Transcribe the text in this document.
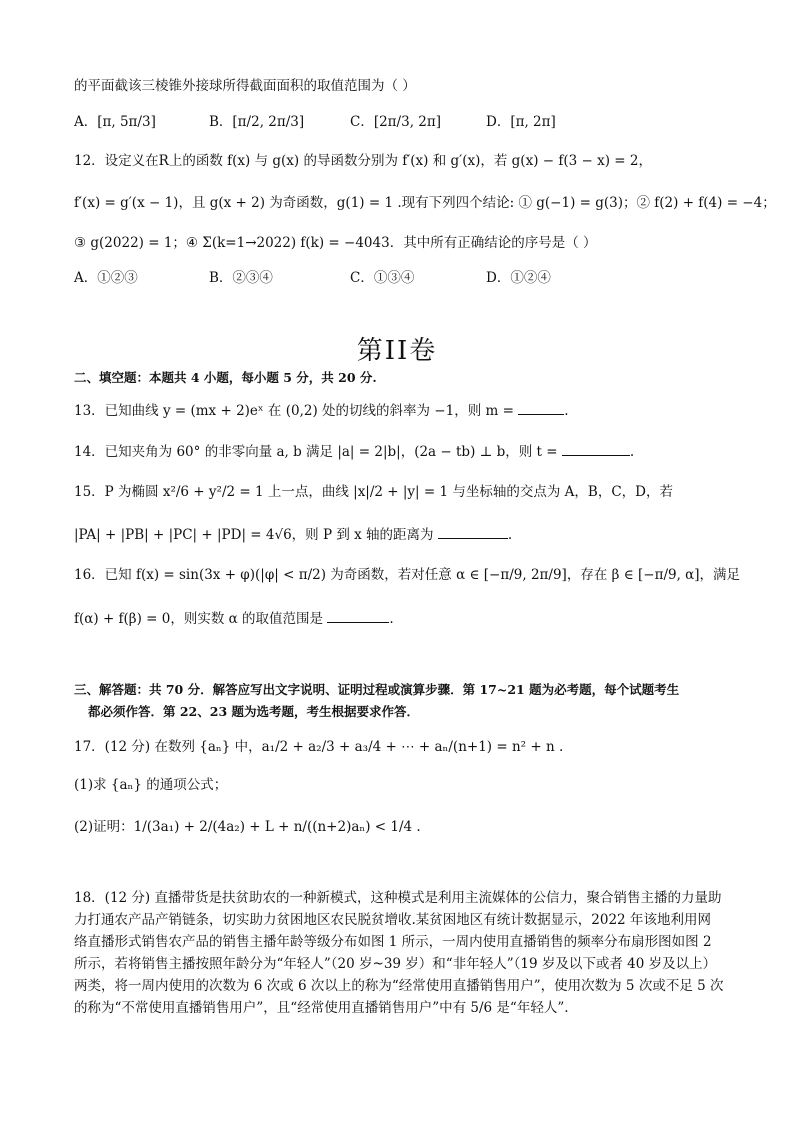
的平面截该三棱锥外接球所得截面面积的取值范围为（ ）
A．[π, 5π/3]	B．[π/2, 2π/3]	C．[2π/3, 2π]	D．[π, 2π]
12．设定义在R上的函数 f(x) 与 g(x) 的导函数分别为 f′(x) 和 g′(x)，若 g(x) − f(3 − x) = 2，
f′(x) = g′(x − 1)，且 g(x + 2) 为奇函数，g(1) = 1 .现有下列四个结论: ① g(−1) = g(3)；② f(2) + f(4) = −4；
③ g(2022) = 1；④ Σ(k=1→2022) f(k) = −4043．其中所有正确结论的序号是（ ）
A．①②③	B．②③④	C．①③④	D．①②④
第II卷
二、填空题：本题共 4 小题，每小题 5 分，共 20 分.
13．已知曲线 y = (mx + 2)eˣ 在 (0,2) 处的切线的斜率为 −1，则 m =	.
14．已知夹角为 60° 的非零向量 a, b 满足 |a| = 2|b|，(2a − tb) ⊥ b，则 t =	.
15．P 为椭圆 x²/6 + y²/2 = 1 上一点，曲线 |x|/2 + |y| = 1 与坐标轴的交点为 A，B，C，D，若
|PA| + |PB| + |PC| + |PD| = 4√6，则 P 到 x 轴的距离为	.
16．已知 f(x) = sin(3x + φ)(|φ| < π/2) 为奇函数，若对任意 α ∈ [−π/9, 2π/9]，存在 β ∈ [−π/9, α]，满足
f(α) + f(β) = 0，则实数 α 的取值范围是	.
三、解答题：共 70 分．解答应写出文字说明、证明过程或演算步骤．第 17~21 题为必考题，每个试题考生
都必须作答．第 22、23 题为选考题，考生根据要求作答．
17．(12 分) 在数列 {aₙ} 中，a₁/2 + a₂/3 + a₃/4 + ⋯ + aₙ/(n+1) = n² + n .
(1)求 {aₙ} 的通项公式；
(2)证明：1/(3a₁) + 2/(4a₂) + L + n/((n+2)aₙ) < 1/4 .
18．(12 分) 直播带货是扶贫助农的一种新模式，这种模式是利用主流媒体的公信力，聚合销售主播的力量助力打通农产品产销链条，切实助力贫困地区农民脱贫增收.某贫困地区有统计数据显示，2022 年该地利用网络直播形式销售农产品的销售主播年龄等级分布如图 1 所示，一周内使用直播销售的频率分布扇形图如图 2 所示，若将销售主播按照年龄分为“年轻人”（20 岁~39 岁）和“非年轻人”（19 岁及以下或者 40 岁及以上）两类，将一周内使用的次数为 6 次或 6 次以上的称为“经常使用直播销售用户”，使用次数为 5 次或不足 5 次的称为“不常使用直播销售用户”，且“经常使用直播销售用户”中有 5/6 是“年轻人”.
